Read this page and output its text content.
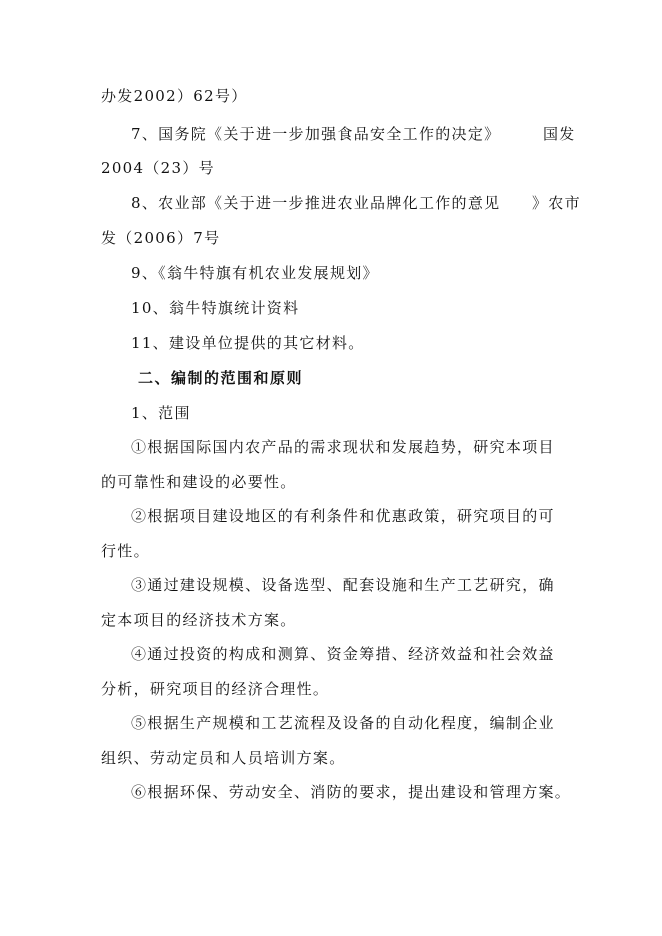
办发2002）62号）
7、国务院《关于进一步加强食品安全工作的决定》	国发
2004（23）号
8、农业部《关于进一步推进农业品牌化工作的意见 》农市
发（2006）7号
9、《翁牛特旗有机农业发展规划》
10、翁牛特旗统计资料
11、建设单位提供的其它材料。
二、编制的范围和原则
1、范围
①根据国际国内农产品的需求现状和发展趋势，研究本项目
的可靠性和建设的必要性。
②根据项目建设地区的有利条件和优惠政策，研究项目的可
行性。
③通过建设规模、设备选型、配套设施和生产工艺研究，确
定本项目的经济技术方案。
④通过投资的构成和测算、资金筹措、经济效益和社会效益
分析，研究项目的经济合理性。
⑤根据生产规模和工艺流程及设备的自动化程度，编制企业
组织、劳动定员和人员培训方案。
⑥根据环保、劳动安全、消防的要求，提出建设和管理方案。
